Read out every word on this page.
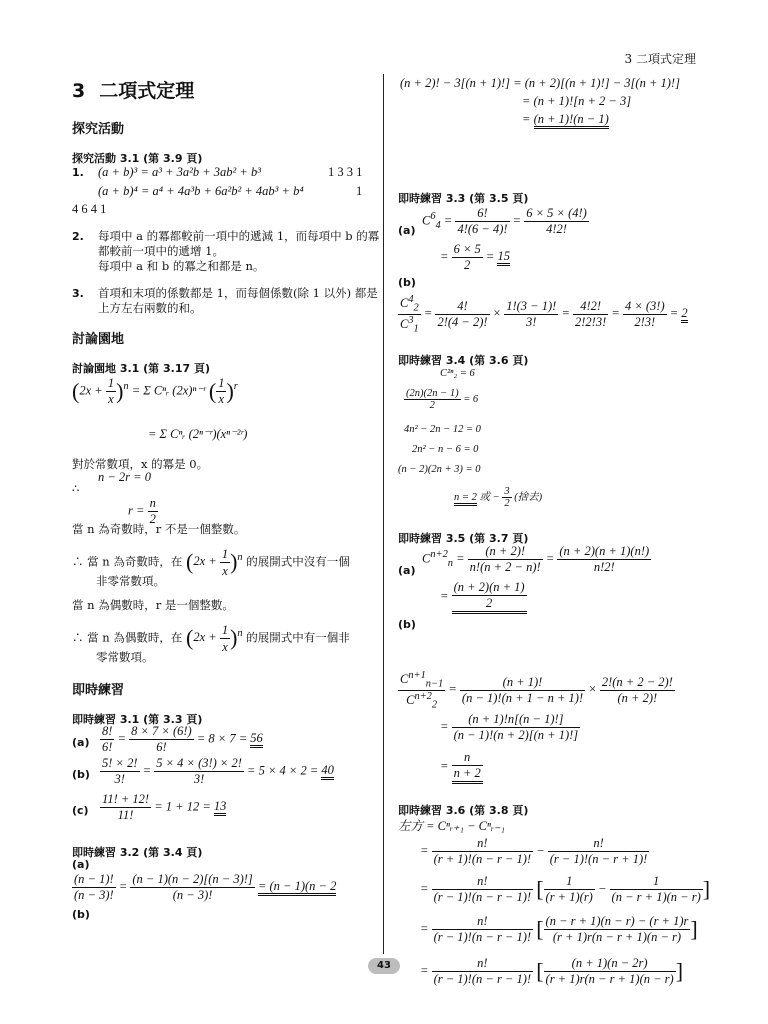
3 二項式定理
3 二項式定理
探究活動
探究活動 3.1 (第 3.9 頁)
1. (a + b)³ = a³ + 3a²b + 3ab² + b³	1 3 3 1
(a + b)⁴ = a⁴ + 4a³b + 6a²b² + 4ab³ + b⁴	1
4 6 4 1
2. 每項中 a 的冪都較前一項中的遞減 1，而每項中 b 的冪
都較前一項中的遞增 1。
每項中 a 和 b 的冪之和都是 n。
3. 首項和末項的係數都是 1，而每個係數(除 1 以外) 都是
上方左右兩數的和。
討論園地
討論園地 3.1 (第 3.17 頁)
$(2x + \frac{1}{x} )^n = \Sigma$ Cⁿᵣ (2x)ⁿ⁻ʳ ( $\frac{1}{x} )^r$
= Σ Cⁿᵣ (2ⁿ⁻ʳ)(xⁿ⁻²ʳ)
對於常數項，x 的冪是 0。
∴
n − 2r = 0
$r = \frac{n}{2}$
當 n 為奇數時，r 不是一個整數。
∴ 當 n 為奇數時，在 $(2x + \frac{1}{x} )^n$ 的展開式中沒有一個
非零常數項。
當 n 為偶數時，r 是一個整數。
∴ 當 n 為偶數時，在 $(2x + \frac{1}{x} )^n$ 的展開式中有一個非
零常數項。
即時練習
即時練習 3.1 (第 3.3 頁)
$(a) \frac{8!}{6!} = \frac{8 \times 7 \times (6!)}{6!} = 8 \times 7 = 56$
$(b) \frac{5! \times 2!}{3!} = \frac{5 \times 4 \times (3!) \times 2!}{3!} = 5 \times 4 \times 2 = 40$
$(c) \frac{11! + 12!}{11!} = 1 + 12 = 13$
即時練習 3.2 (第 3.4 頁)
(a)
$\frac{(n - 1)!}{(n - 3)!} = \frac{(n - 1)(n - 2)[(n - 3)!]}{(n - 3)!} = (n - 1)(n - 2$
(b)
(n + 2)! − 3[(n + 1)!] = (n + 2)[(n + 1)!] − 3[(n + 1)!]
= (n + 1)![n + 2 − 3]
= (n + 1)!(n − 1)
即時練習 3.3 (第 3.5 頁)
(a)
$C^6_4 = \frac{6!}{4!(6 - 4)!} = \frac{6 \times 5 \times (4!)}{4!2!}$
= $\frac{6 \times 5}{2} = 15$
(b)
$\frac{C^4_2}{C^3_1} = \frac{4!}{2!(4 - 2)!} \times \frac{1!(3 - 1)!}{3!} = \frac{4!2!}{2!2!3!} = \frac{4 \times (3!)}{2!3!} = 2$
即時練習 3.4 (第 3.6 頁)
C²ⁿ₂ = 6
$\frac{(2n)(2n - 1)}{2} = 6$
4n² − 2n − 12 = 0
2n² − n − 6 = 0
(n − 2)(2n + 3) = 0
n = 2 或 − $\frac{3}{2}$ (捨去)
即時練習 3.5 (第 3.7 頁)
(a)
$C^{n+2}_n = \frac{(n + 2)!}{n!(n + 2 - n)!} = \frac{(n + 2)(n + 1)(n!)}{n!2!}$
= $\frac{(n + 2)(n + 1)}{2}$
(b)
$\frac{C^{n+1}_{n-1}}{C^{n+2}_2} = \frac{(n + 1)!}{(n - 1)!(n + 1 - n + 1)!} \times \frac{2!(n + 2 - 2)!}{(n + 2)!}$
= $\frac{(n + 1)!n[(n - 1)!]}{(n - 1)!(n + 2)[(n + 1)!]}$
= $\frac{n}{n + 2}$
即時練習 3.6 (第 3.8 頁)
左方 = Cⁿᵣ₊₁ − Cⁿᵣ₋₁
= $\frac{n!}{(r + 1)!(n - r - 1)!} - \frac{n!}{(r - 1)!(n - r + 1)!}$
= $\frac{n!}{(r - 1)!(n - r - 1)!}$ [ $\frac{1}{(r + 1)(r)} - \frac{1}{(n - r + 1)(n - r)}$ ]
= $\frac{n!}{(r - 1)!(n - r - 1)!}$ [ $\frac{(n - r + 1)(n - r) - (r + 1)r}{(r + 1)r(n - r + 1)(n - r)}$ ]
= $\frac{n!}{(r - 1)!(n - r - 1)!}$ [ $\frac{(n + 1)(n - 2r)}{(r + 1)r(n - r + 1)(n - r)}$ ]
43
